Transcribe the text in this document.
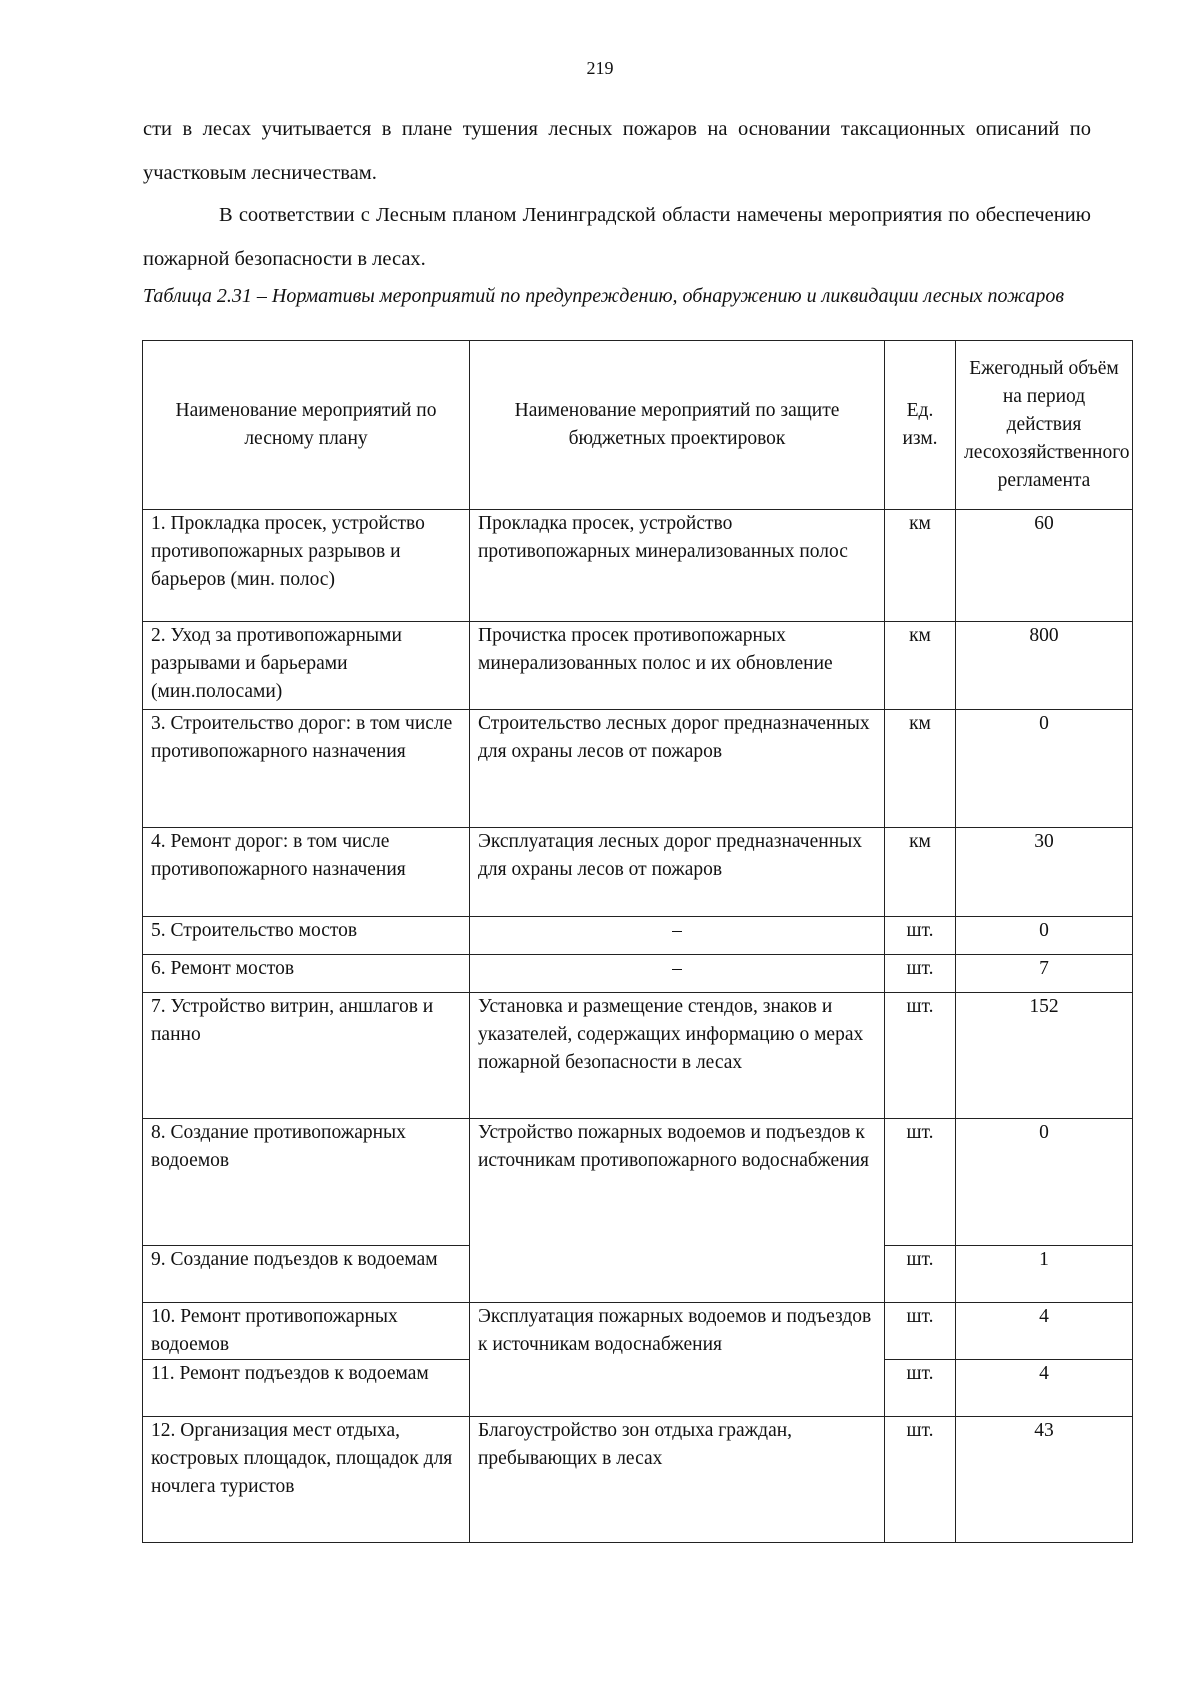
219
сти в лесах учитывается в плане тушения лесных пожаров на основании таксационных описаний по участковым лесничествам.
В соответствии с Лесным планом Ленинградской области намечены мероприятия по обеспечению пожарной безопасности в лесах.
Таблица 2.31 – Нормативы мероприятий по предупреждению, обнаружению и ликвидации лесных пожаров
Наименование мероприятий по лесному плану	Наименование мероприятий по защите бюджетных проектировок	Ед. изм.	Ежегодный объём на период действия лесохозяйственного регламента
1. Прокладка просек, устройство противопожарных разрывов и барьеров (мин. полос)	Прокладка просек, устройство противопожарных минерализованных полос	км	60
2. Уход за противопожарными разрывами и барьерами (мин.полосами)	Прочистка просек противопожарных минерализованных полос и их обновление	км	800
3. Строительство дорог: в том числе противопожарного назначения	Строительство лесных дорог предназначенных для охраны лесов от пожаров	км	0
4. Ремонт дорог: в том числе противопожарного назначения	Эксплуатация лесных дорог предназначенных для охраны лесов от пожаров	км	30
5. Строительство мостов	–	шт.	0
6. Ремонт мостов	–	шт.	7
7. Устройство витрин, аншлагов и панно	Установка и размещение стендов, знаков и указателей, содержащих информацию о мерах пожарной безопасности в лесах	шт.	152
8. Создание противопожарных водоемов	Устройство пожарных водоемов и подъездов к источникам противопожарного водоснабжения	шт.	0
9. Создание подъездов к водоемам		шт.	1
10. Ремонт противопожарных водоемов	Эксплуатация пожарных водоемов и подъездов к источникам водоснабжения	шт.	4
11. Ремонт подъездов к водоемам		шт.	4
12. Организация мест отдыха, костровых площадок, площадок для ночлега туристов	Благоустройство зон отдыха граждан, пребывающих в лесах	шт.	43
